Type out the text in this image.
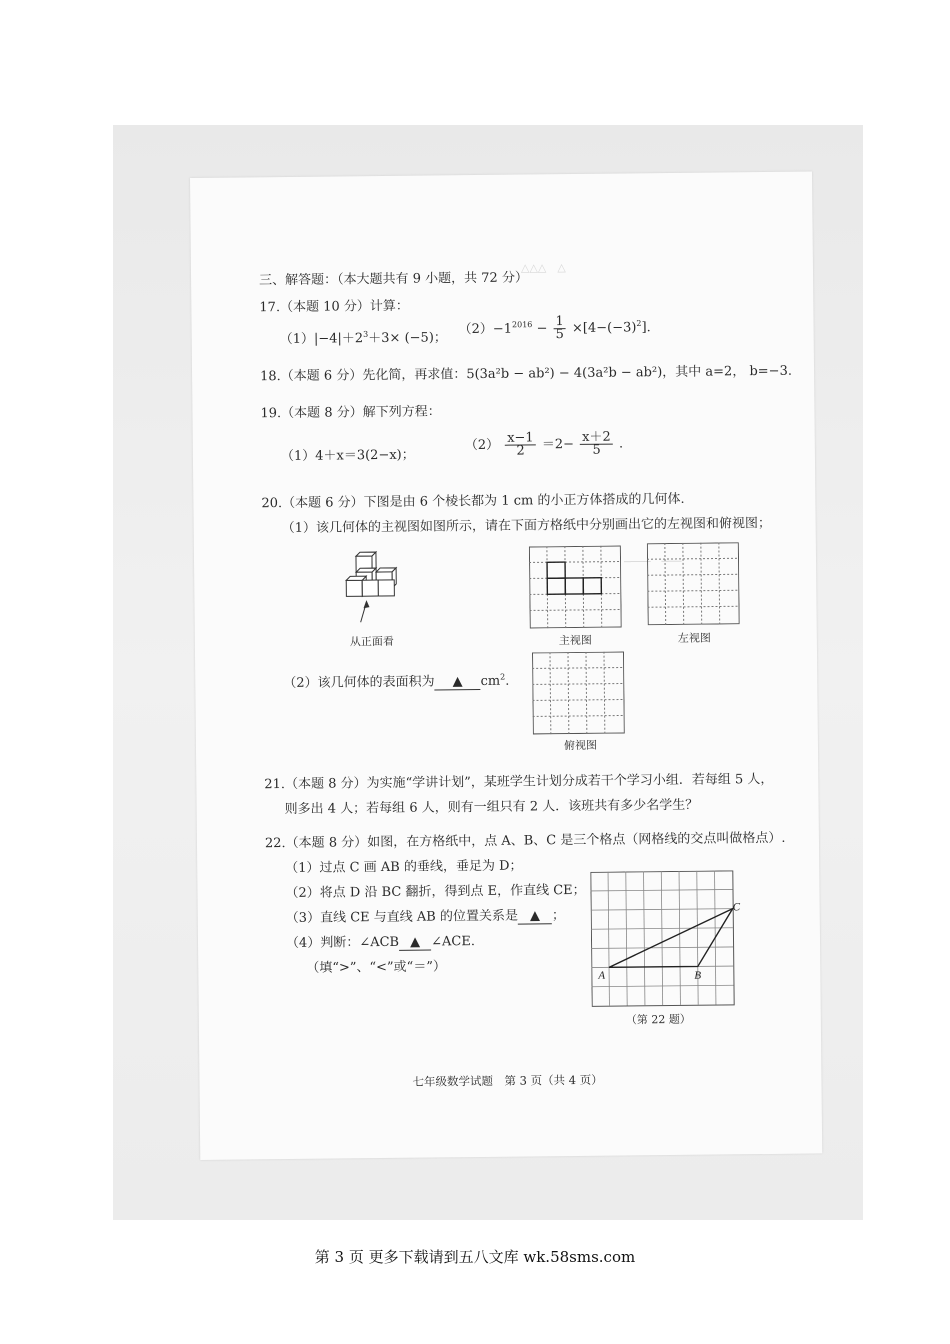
△△△　△
────　───
三、解答题：（本大题共有 9 小题，共 72 分）
17.（本题 10 分）计算：
$(1)|-4|+2^3+3\times (-5)$；
$(2)-1^{2016} - \frac{1}{5} \times[4-(-3)^2]$.
18.（本题 6 分）先化简，再求值：5(3a²b − ab²) − 4(3a²b − ab²)，其中 a=2， b=−3.
19.（本题 8 分）解下列方程：
（1）4＋x＝3(2−x)；
$(2) \frac{x-1}{2} =2- \frac{x+2}{5}$ .
20.（本题 6 分）下图是由 6 个棱长都为 1 cm 的小正方体搭成的几何体.
（1）该几何体的主视图如图所示，请在下面方格纸中分别画出它的左视图和俯视图；
从正面看	主视图	左视图
（2）该几何体的表面积为 ▲ $cm^2$.
俯视图
21.（本题 8 分）为实施“学讲计划”，某班学生计划分成若干个学习小组．若每组 5 人，
则多出 4 人；若每组 6 人，则有一组只有 2 人．该班共有多少名学生？
22.（本题 8 分）如图，在方格纸中，点 A、B、C 是三个格点（网格线的交点叫做格点）.
（1）过点 C 画 AB 的垂线，垂足为 D；
（2）将点 D 沿 BC 翻折，得到点 E，作直线 CE；
（3）直线 CE 与直线 AB 的位置关系是 ▲ ；
（4）判断：∠ACB ▲ ∠ACE.
（填“>”、“<”或“＝”）	A	B
C
（第 22 题）
七年级数学试题　第 3 页（共 4 页）
第 3 页 更多下载请到五八文库 wk.58sms.com
